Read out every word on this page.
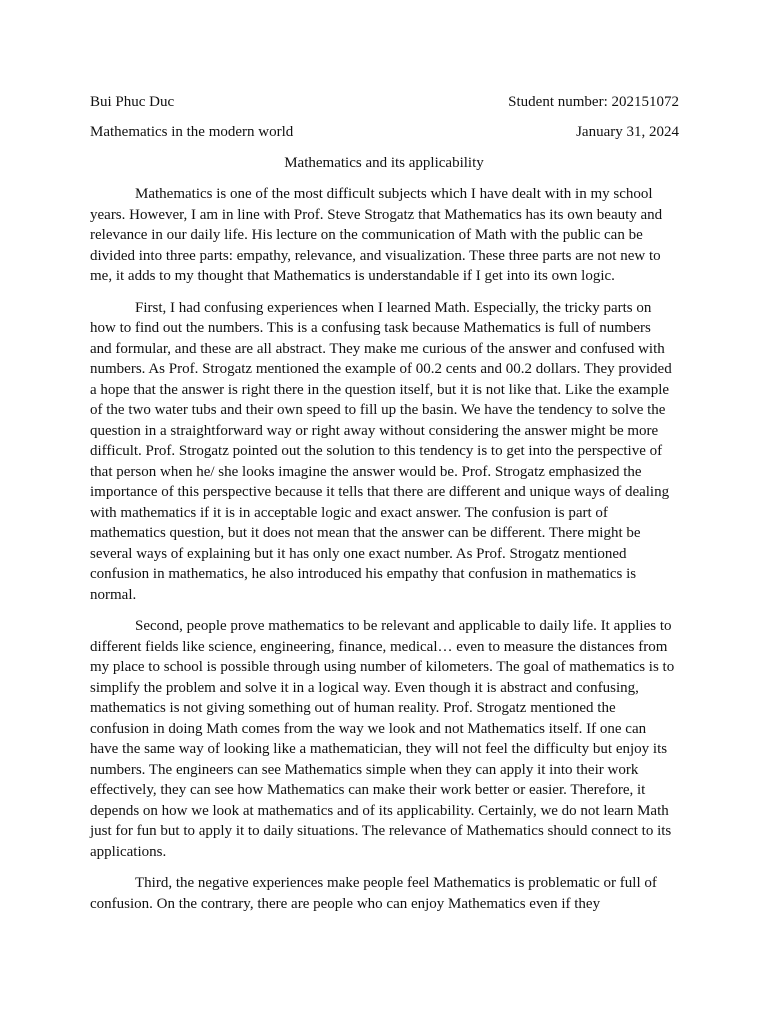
Bui Phuc Duc	Student number: 202151072
Mathematics in the modern world	January 31, 2024
Mathematics and its applicability
Mathematics is one of the most difficult subjects which I have dealt with in my school
years. However, I am in line with Prof. Steve Strogatz that Mathematics has its own beauty and
relevance in our daily life. His lecture on the communication of Math with the public can be
divided into three parts: empathy, relevance, and visualization. These three parts are not new to
me, it adds to my thought that Mathematics is understandable if I get into its own logic.
First, I had confusing experiences when I learned Math. Especially, the tricky parts on
how to find out the numbers. This is a confusing task because Mathematics is full of numbers
and formular, and these are all abstract. They make me curious of the answer and confused with
numbers. As Prof. Strogatz mentioned the example of 00.2 cents and 00.2 dollars. They provided
a hope that the answer is right there in the question itself, but it is not like that. Like the example
of the two water tubs and their own speed to fill up the basin. We have the tendency to solve the
question in a straightforward way or right away without considering the answer might be more
difficult. Prof. Strogatz pointed out the solution to this tendency is to get into the perspective of
that person when he/ she looks imagine the answer would be. Prof. Strogatz emphasized the
importance of this perspective because it tells that there are different and unique ways of dealing
with mathematics if it is in acceptable logic and exact answer. The confusion is part of
mathematics question, but it does not mean that the answer can be different. There might be
several ways of explaining but it has only one exact number. As Prof. Strogatz mentioned
confusion in mathematics, he also introduced his empathy that confusion in mathematics is
normal.
Second, people prove mathematics to be relevant and applicable to daily life. It applies to
different fields like science, engineering, finance, medical… even to measure the distances from
my place to school is possible through using number of kilometers. The goal of mathematics is to
simplify the problem and solve it in a logical way. Even though it is abstract and confusing,
mathematics is not giving something out of human reality. Prof. Strogatz mentioned the
confusion in doing Math comes from the way we look and not Mathematics itself. If one can
have the same way of looking like a mathematician, they will not feel the difficulty but enjoy its
numbers. The engineers can see Mathematics simple when they can apply it into their work
effectively, they can see how Mathematics can make their work better or easier. Therefore, it
depends on how we look at mathematics and of its applicability. Certainly, we do not learn Math
just for fun but to apply it to daily situations. The relevance of Mathematics should connect to its
applications.
Third, the negative experiences make people feel Mathematics is problematic or full of
confusion. On the contrary, there are people who can enjoy Mathematics even if they
